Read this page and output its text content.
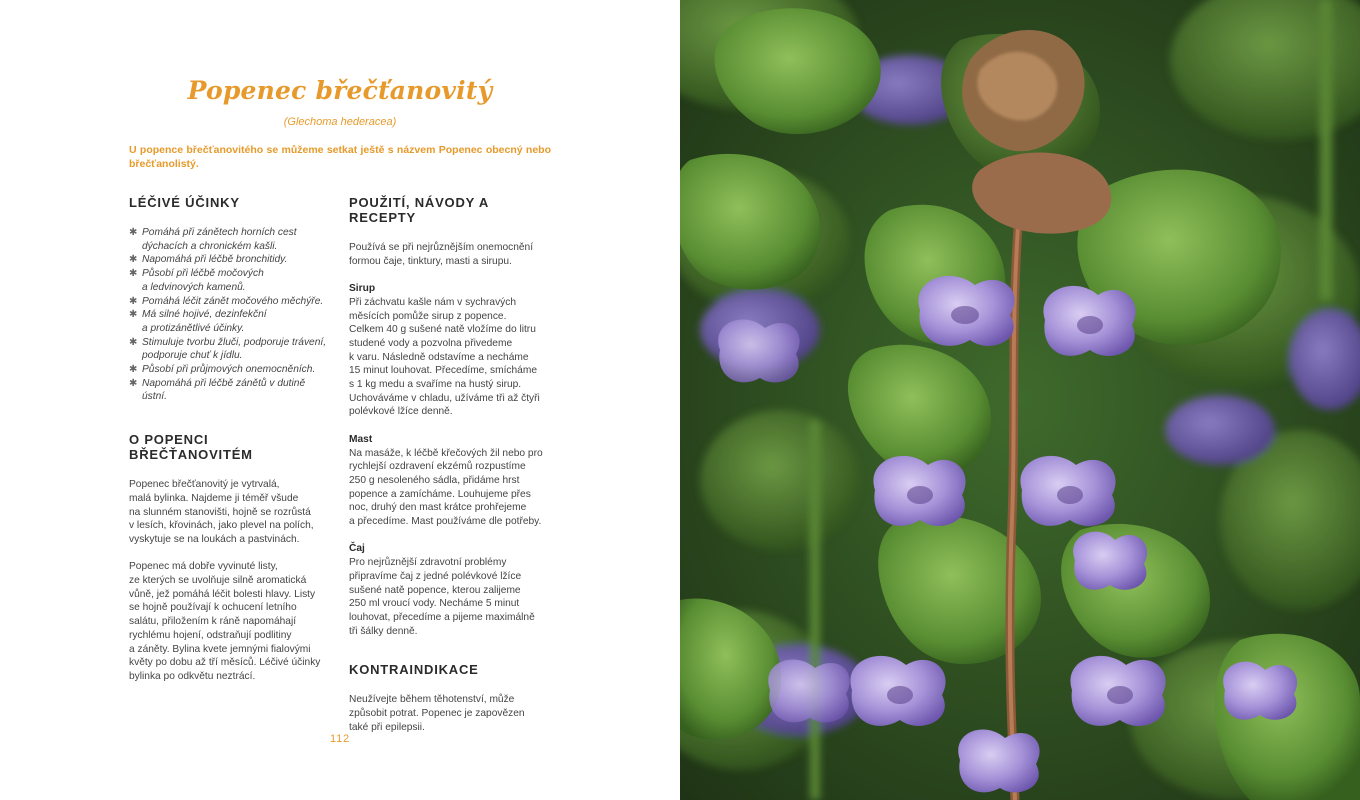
Popenec břečťanovitý
(Glechoma hederacea)
U popence břečťanovitého se můžeme setkat ještě s názvem Popenec obecný nebo břečťanolistý.
LÉČIVÉ ÚČINKY
✱ Pomáhá při zánětech horních cest
dýchacích a chronickém kašli.
✱ Napomáhá při léčbě bronchitidy.
✱ Působí při léčbě močových
a ledvinových kamenů.
✱ Pomáhá léčit zánět močového měchýře.
✱ Má silné hojivé, dezinfekční
a protizánětlivé účinky.
✱ Stimuluje tvorbu žluči, podporuje trávení,
podporuje chuť k jídlu.
✱ Působí při průjmových onemocněních.
✱ Napomáhá při léčbě zánětů v dutině
ústní.
O POPENCI BŘEČŤANOVITÉM

Popenec břečťanovitý je vytrvalá,
malá bylinka. Najdeme ji téměř všude
na slunném stanovišti, hojně se rozrůstá
v lesích, křovinách, jako plevel na polích,
vyskytuje se na loukách a pastvinách.

Popenec má dobře vyvinuté listy,
ze kterých se uvolňuje silně aromatická
vůně, jež pomáhá léčit bolesti hlavy. Listy
se hojně používají k ochucení letního
salátu, přiložením k ráně napomáhají
rychlému hojení, odstraňují podlitiny
a záněty. Bylina kvete jemnými fialovými
květy po dobu až tří měsíců. Léčivé účinky
bylinka po odkvětu neztrácí.

POUŽITÍ, NÁVODY A RECEPTY

Používá se při nejrůznějším onemocnění
formou čaje, tinktury, masti a sirupu.

Sirup

Při záchvatu kašle nám v sychravých
měsících pomůže sirup z popence.
Celkem 40 g sušené natě vložíme do litru
studené vody a pozvolna přivedeme
k varu. Následně odstavíme a necháme
15 minut louhovat. Přecedíme, smícháme
s 1 kg medu a svaříme na hustý sirup.
Uchováváme v chladu, užíváme tři až čtyři
polévkové lžíce denně.

Mast

Na masáže, k léčbě křečových žil nebo pro
rychlejší ozdravení ekzémů rozpustíme
250 g nesoleného sádla, přidáme hrst
popence a zamícháme. Louhujeme přes
noc, druhý den mast krátce prohřejeme
a přecedíme. Mast používáme dle potřeby.

Čaj

Pro nejrůznější zdravotní problémy
připravíme čaj z jedné polévkové lžíce
sušené natě popence, kterou zalijeme
250 ml vroucí vody. Necháme 5 minut
louhovat, přecedíme a pijeme maximálně
tři šálky denně.

KONTRAINDIKACE

Neužívejte během těhotenství, může
způsobit potrat. Popenec je zapovězen
také při epilepsii.

112
